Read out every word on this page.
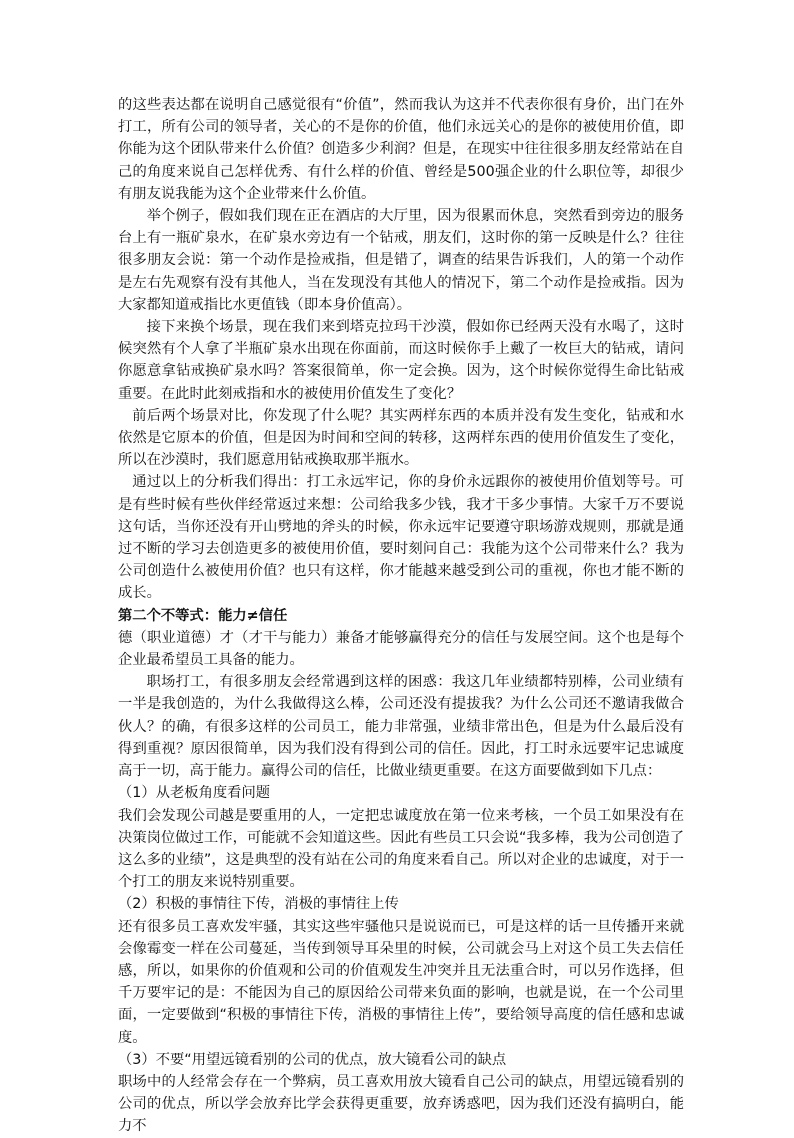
的这些表达都在说明自己感觉很有“价值”，然而我认为这并不代表你很有身价，出门在外打工，所有公司的领导者，关心的不是你的价值，他们永远关心的是你的被使用价值，即你能为这个团队带来什么价值？创造多少利润？但是，在现实中往往很多朋友经常站在自己的角度来说自己怎样优秀、有什么样的价值、曾经是500强企业的什么职位等，却很少有朋友说我能为这个企业带来什么价值。

举个例子，假如我们现在正在酒店的大厅里，因为很累而休息，突然看到旁边的服务台上有一瓶矿泉水，在矿泉水旁边有一个钻戒，朋友们，这时你的第一反映是什么？往往很多朋友会说：第一个动作是捡戒指，但是错了，调查的结果告诉我们，人的第一个动作是左右先观察有没有其他人，当在发现没有其他人的情况下，第二个动作是捡戒指。因为大家都知道戒指比水更值钱（即本身价值高）。

接下来换个场景，现在我们来到塔克拉玛干沙漠，假如你已经两天没有水喝了，这时候突然有个人拿了半瓶矿泉水出现在你面前，而这时候你手上戴了一枚巨大的钻戒，请问你愿意拿钻戒换矿泉水吗？答案很简单，你一定会换。因为，这个时候你觉得生命比钻戒重要。在此时此刻戒指和水的被使用价值发生了变化？

前后两个场景对比，你发现了什么呢？其实两样东西的本质并没有发生变化，钻戒和水依然是它原本的价值，但是因为时间和空间的转移，这两样东西的使用价值发生了变化，所以在沙漠时，我们愿意用钻戒换取那半瓶水。

通过以上的分析我们得出：打工永远牢记，你的身价永远跟你的被使用价值划等号。可是有些时候有些伙伴经常返过来想：公司给我多少钱，我才干多少事情。大家千万不要说这句话，当你还没有开山劈地的斧头的时候，你永远牢记要遵守职场游戏规则，那就是通过不断的学习去创造更多的被使用价值，要时刻问自己：我能为这个公司带来什么？我为公司创造什么被使用价值？也只有这样，你才能越来越受到公司的重视，你也才能不断的成长。

第二个不等式：能力≠信任

德（职业道德）才（才干与能力）兼备才能够赢得充分的信任与发展空间。这个也是每个企业最希望员工具备的能力。

职场打工，有很多朋友会经常遇到这样的困惑：我这几年业绩都特别棒，公司业绩有一半是我创造的，为什么我做得这么棒，公司还没有提拔我？为什么公司还不邀请我做合伙人？的确，有很多这样的公司员工，能力非常强，业绩非常出色，但是为什么最后没有得到重视？原因很简单，因为我们没有得到公司的信任。因此，打工时永远要牢记忠诚度高于一切，高于能力。赢得公司的信任，比做业绩更重要。在这方面要做到如下几点：

（1）从老板角度看问题

我们会发现公司越是要重用的人，一定把忠诚度放在第一位来考核，一个员工如果没有在决策岗位做过工作，可能就不会知道这些。因此有些员工只会说“我多棒，我为公司创造了这么多的业绩”，这是典型的没有站在公司的角度来看自己。所以对企业的忠诚度，对于一个打工的朋友来说特别重要。

（2）积极的事情往下传，消极的事情往上传

还有很多员工喜欢发牢骚，其实这些牢骚他只是说说而已，可是这样的话一旦传播开来就会像霉变一样在公司蔓延，当传到领导耳朵里的时候，公司就会马上对这个员工失去信任感，所以，如果你的价值观和公司的价值观发生冲突并且无法重合时，可以另作选择，但千万要牢记的是：不能因为自己的原因给公司带来负面的影响，也就是说，在一个公司里面，一定要做到“积极的事情往下传，消极的事情往上传”，要给领导高度的信任感和忠诚度。

（3）不要“用望远镜看别的公司的优点，放大镜看公司的缺点

职场中的人经常会存在一个弊病，员工喜欢用放大镜看自己公司的缺点，用望远镜看别的公司的优点，所以学会放弃比学会获得更重要，放弃诱惑吧，因为我们还没有搞明白，能力不
